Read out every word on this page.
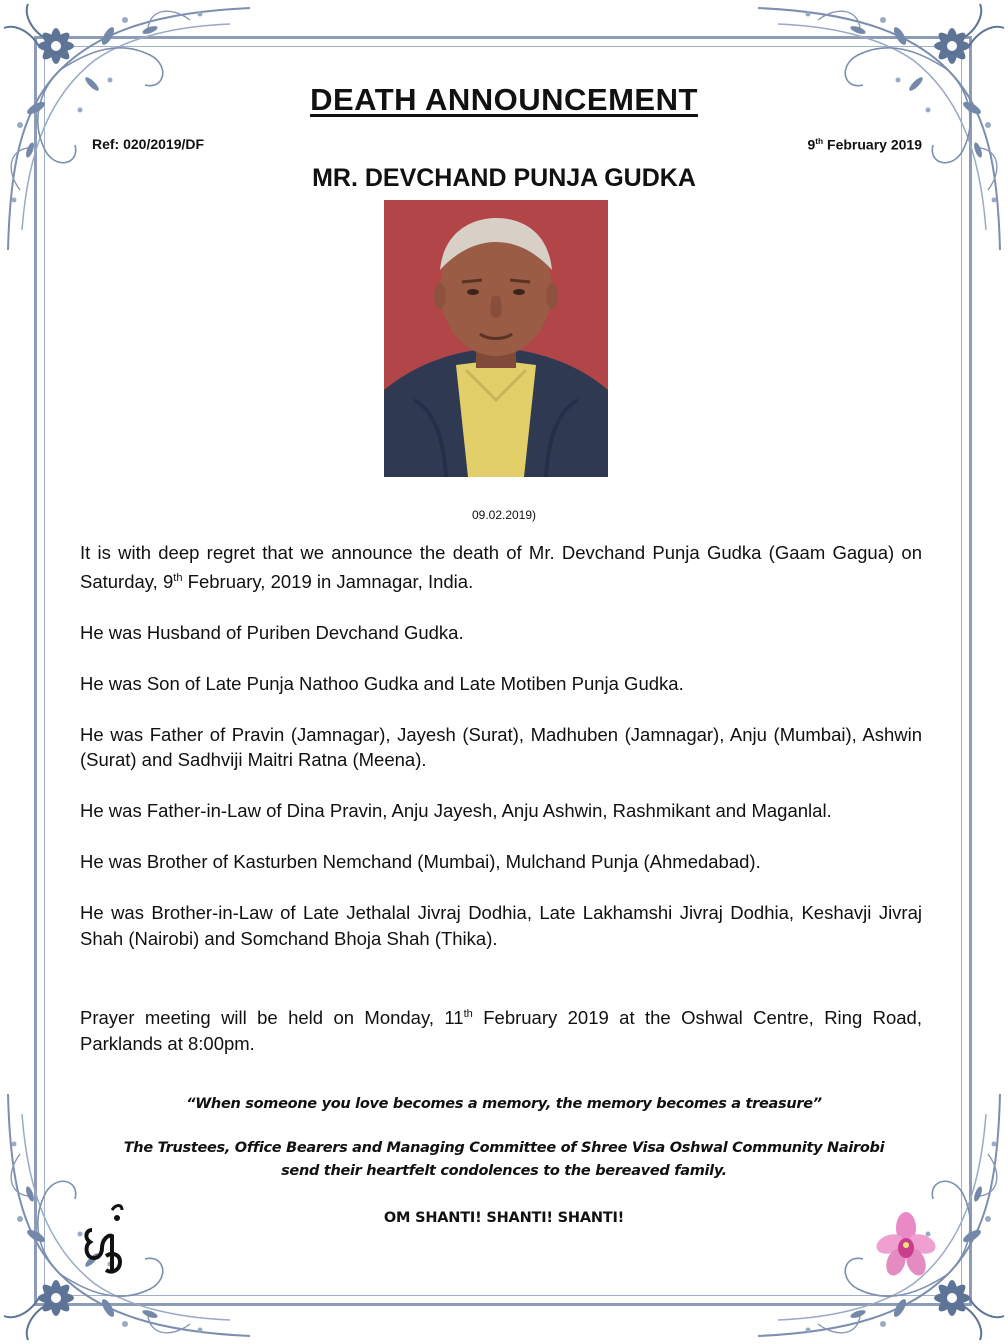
DEATH ANNOUNCEMENT
Ref: 020/2019/DF	9th February 2019
MR. DEVCHAND PUNJA GUDKA
09.02.2019)

It is with deep regret that we announce the death of Mr. Devchand Punja Gudka (Gaam Gagua) on Saturday, 9th February, 2019 in Jamnagar, India.

He was Husband of Puriben Devchand Gudka.

He was Son of Late Punja Nathoo Gudka and Late Motiben Punja Gudka.

He was Father of Pravin (Jamnagar), Jayesh (Surat), Madhuben (Jamnagar), Anju (Mumbai), Ashwin (Surat) and Sadhviji Maitri Ratna (Meena).

He was Father-in-Law of Dina Pravin, Anju Jayesh, Anju Ashwin, Rashmikant and Maganlal.

He was Brother of Kasturben Nemchand (Mumbai), Mulchand Punja (Ahmedabad).

He was Brother-in-Law of Late Jethalal Jivraj Dodhia, Late Lakhamshi Jivraj Dodhia, Keshavji Jivraj Shah (Nairobi) and Somchand Bhoja Shah (Thika).

Prayer meeting will be held on Monday, 11th February 2019 at the Oshwal Centre, Ring Road, Parklands at 8:00pm.

“When someone you love becomes a memory, the memory becomes a treasure”
The Trustees, Office Bearers and Managing Committee of Shree Visa Oshwal Community Nairobi
send their heartfelt condolences to the bereaved family.
OM SHANTI! SHANTI! SHANTI!
